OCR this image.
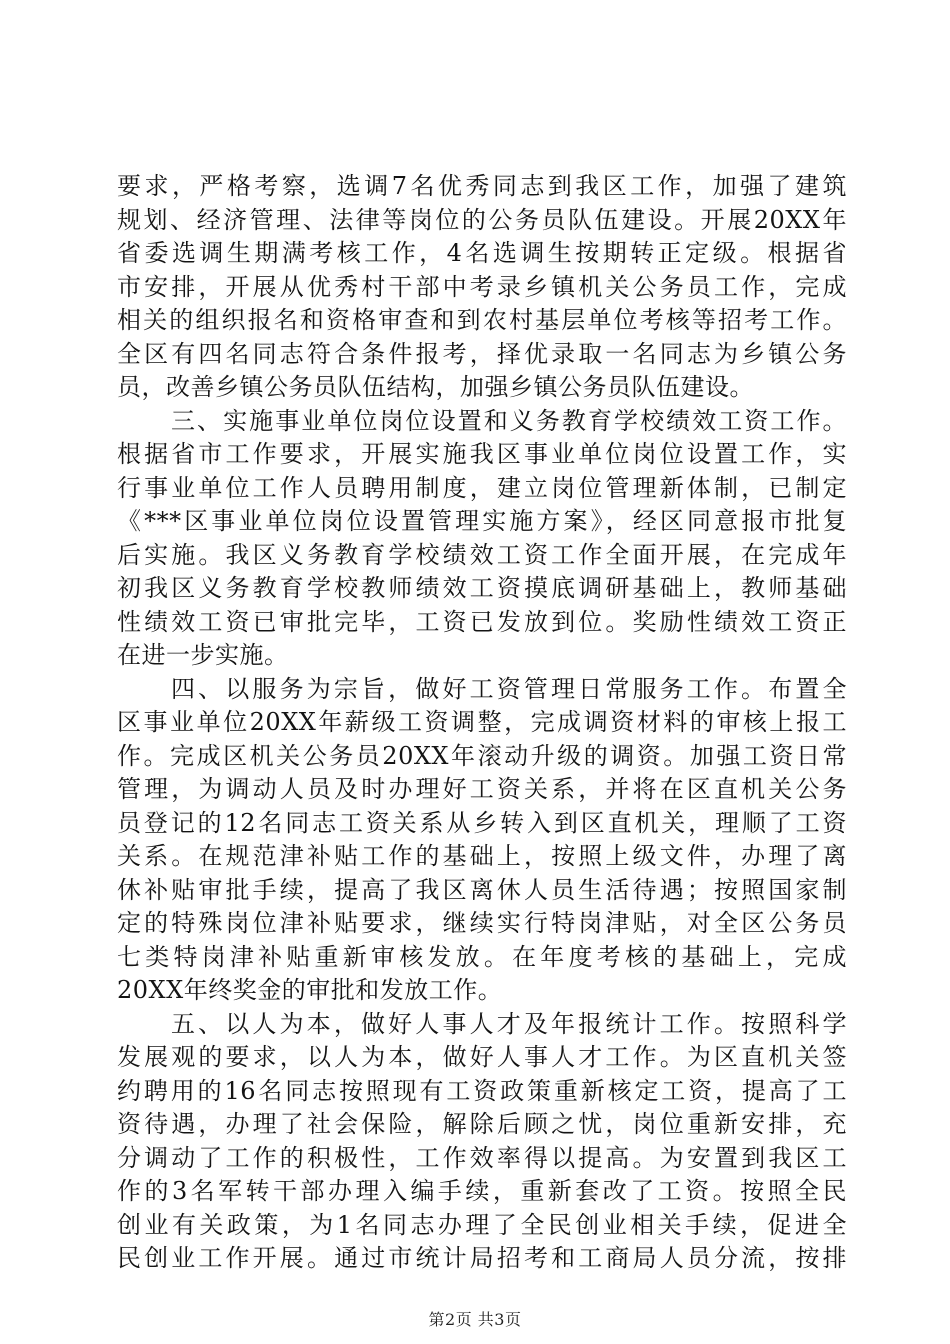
要求，严格考察，选调7名优秀同志到我区工作，加强了建筑
规划、经济管理、法律等岗位的公务员队伍建设。开展20XX年
省委选调生期满考核工作，4名选调生按期转正定级。根据省
市安排，开展从优秀村干部中考录乡镇机关公务员工作，完成
相关的组织报名和资格审查和到农村基层单位考核等招考工作。
全区有四名同志符合条件报考，择优录取一名同志为乡镇公务
员，改善乡镇公务员队伍结构，加强乡镇公务员队伍建设。
三、实施事业单位岗位设置和义务教育学校绩效工资工作。
根据省市工作要求，开展实施我区事业单位岗位设置工作，实
行事业单位工作人员聘用制度，建立岗位管理新体制，已制定
《***区事业单位岗位设置管理实施方案》，经区同意报市批复
后实施。我区义务教育学校绩效工资工作全面开展，在完成年
初我区义务教育学校教师绩效工资摸底调研基础上，教师基础
性绩效工资已审批完毕，工资已发放到位。奖励性绩效工资正
在进一步实施。
四、以服务为宗旨，做好工资管理日常服务工作。布置全
区事业单位20XX年薪级工资调整，完成调资材料的审核上报工
作。完成区机关公务员20XX年滚动升级的调资。加强工资日常
管理，为调动人员及时办理好工资关系，并将在区直机关公务
员登记的12名同志工资关系从乡转入到区直机关，理顺了工资
关系。在规范津补贴工作的基础上，按照上级文件，办理了离
休补贴审批手续，提高了我区离休人员生活待遇；按照国家制
定的特殊岗位津补贴要求，继续实行特岗津贴，对全区公务员
七类特岗津补贴重新审核发放。在年度考核的基础上，完成
20XX年终奖金的审批和发放工作。
五、以人为本，做好人事人才及年报统计工作。按照科学
发展观的要求，以人为本，做好人事人才工作。为区直机关签
约聘用的16名同志按照现有工资政策重新核定工资，提高了工
资待遇，办理了社会保险，解除后顾之忧，岗位重新安排，充
分调动了工作的积极性，工作效率得以提高。为安置到我区工
作的3名军转干部办理入编手续，重新套改了工资。按照全民
创业有关政策，为1名同志办理了全民创业相关手续，促进全
民创业工作开展。通过市统计局招考和工商局人员分流，按排
第2页 共3页
